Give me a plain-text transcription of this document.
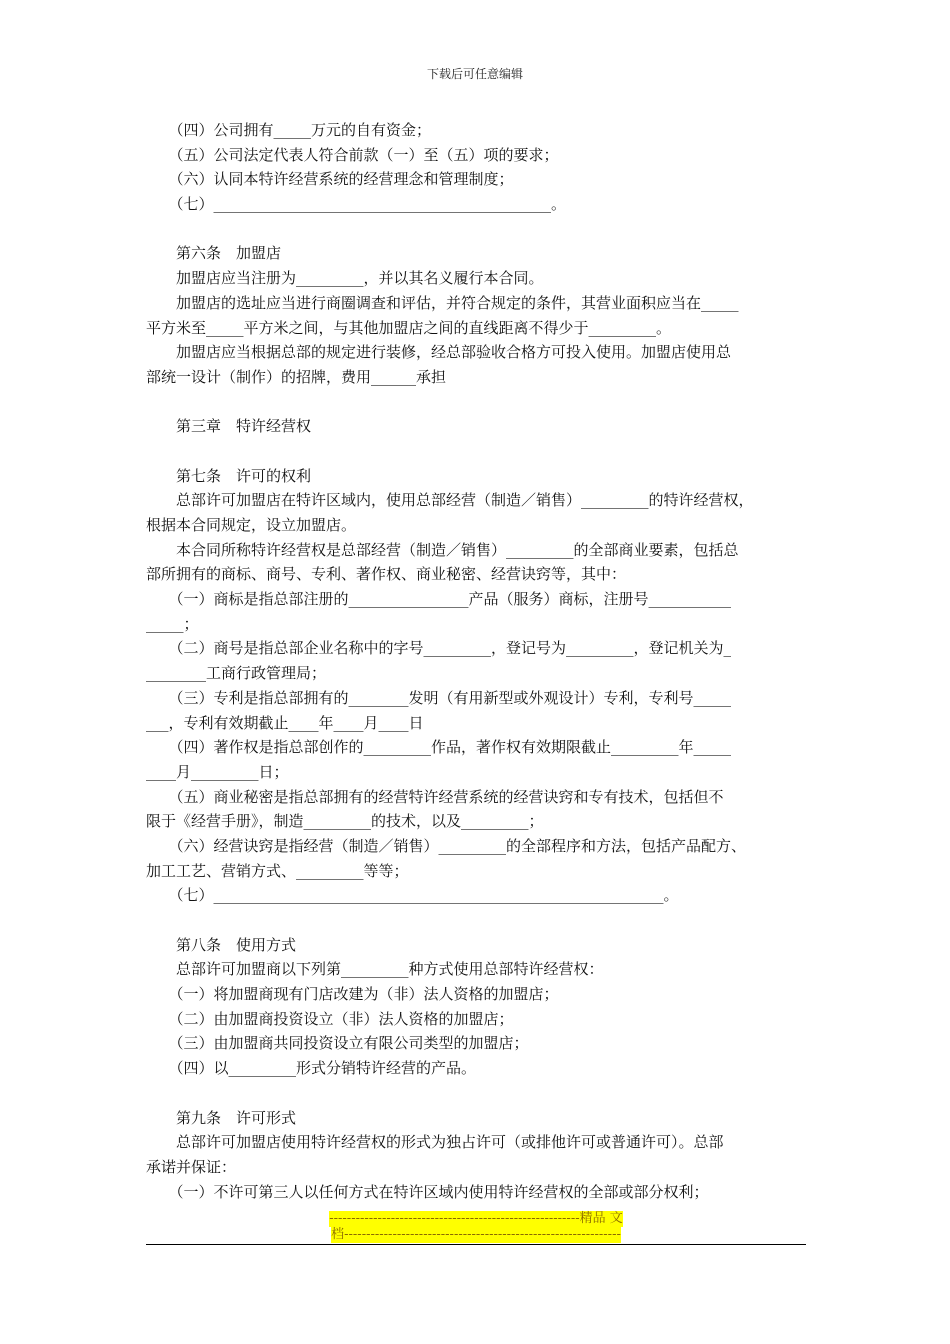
下载后可任意编辑
　　（四）公司拥有_____万元的自有资金；
　　（五）公司法定代表人符合前款（一）至（五）项的要求；
　　（六）认同本特许经营系统的经营理念和管理制度；
　　（七）_____________________________________________。
　　第六条　加盟店
　　加盟店应当注册为_________，并以其名义履行本合同。
　　加盟店的选址应当进行商圈调查和评估，并符合规定的条件，其营业面积应当在_____
平方米至_____平方米之间，与其他加盟店之间的直线距离不得少于_________。
　　加盟店应当根据总部的规定进行装修，经总部验收合格方可投入使用。加盟店使用总
部统一设计（制作）的招牌，费用______承担
　　第三章　特许经营权
　　第七条　许可的权利
　　总部许可加盟店在特许区域内，使用总部经营（制造／销售）_________的特许经营权，
根据本合同规定，设立加盟店。
　　本合同所称特许经营权是总部经营（制造／销售）_________的全部商业要素，包括总
部所拥有的商标、商号、专利、著作权、商业秘密、经营诀窍等，其中：
　　（一）商标是指总部注册的________________产品（服务）商标，注册号___________
_____；
　　（二）商号是指总部企业名称中的字号_________，登记号为_________，登记机关为_
________工商行政管理局；
　　（三）专利是指总部拥有的________发明（有用新型或外观设计）专利，专利号_____
___，专利有效期截止____年____月____日
　　（四）著作权是指总部创作的_________作品，著作权有效期限截止_________年_____
____月_________日；
　　（五）商业秘密是指总部拥有的经营特许经营系统的经营诀窍和专有技术，包括但不
限于《经营手册》，制造_________的技术，以及_________；
　　（六）经营诀窍是指经营（制造／销售）_________的全部程序和方法，包括产品配方、
加工工艺、营销方式、_________等等；
　　（七）____________________________________________________________。
　　第八条　使用方式
　　总部许可加盟商以下列第_________种方式使用总部特许经营权：
　　（一）将加盟商现有门店改建为（非）法人资格的加盟店；
　　（二）由加盟商投资设立（非）法人资格的加盟店；
　　（三）由加盟商共同投资设立有限公司类型的加盟店；
　　（四）以_________形式分销特许经营的产品。
　　第九条　许可形式
　　总部许可加盟店使用特许经营权的形式为独占许可（或排他许可或普通许可）。总部
承诺并保证：
　　（一）不许可第三人以任何方式在特许区域内使用特许经营权的全部或部分权利；
---------------------------------------------------------精品 文
档---------------------------------------------------------------
